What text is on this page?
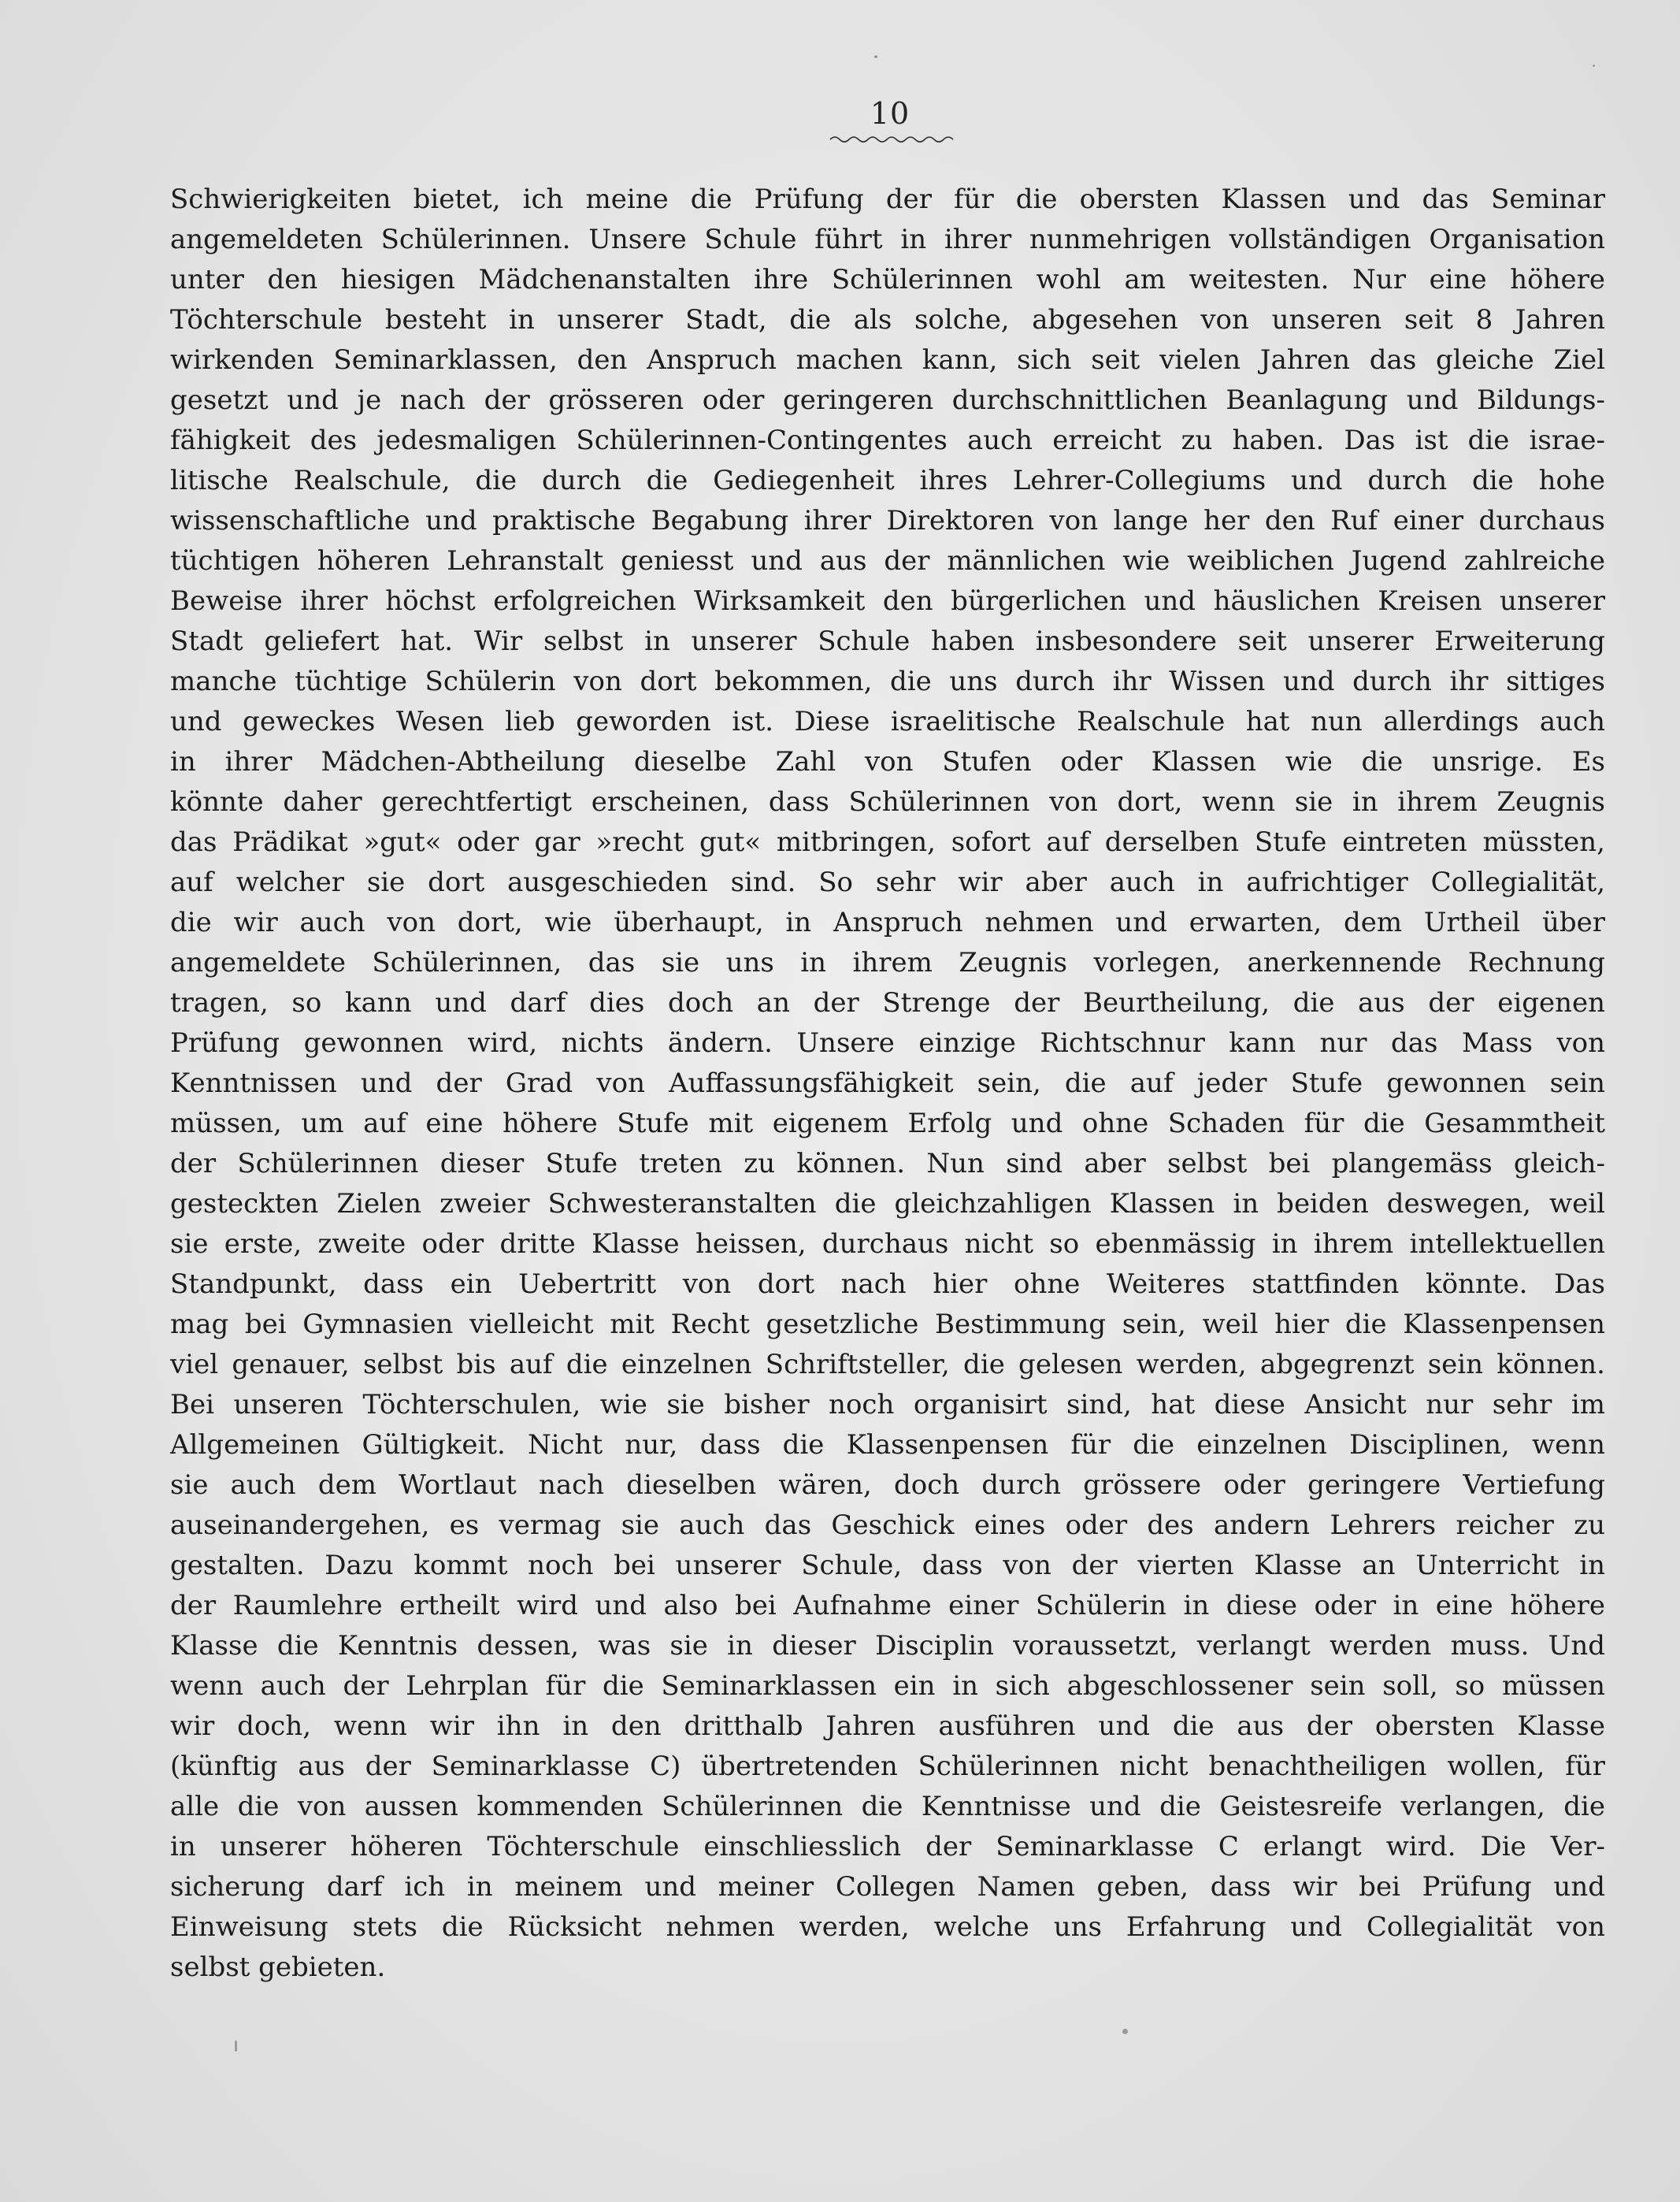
10
Schwierigkeiten bietet, ich meine die Prüfung der für die obersten Klassen und das Seminar
angemeldeten Schülerinnen. Unsere Schule führt in ihrer nunmehrigen vollständigen Organisation
unter den hiesigen Mädchenanstalten ihre Schülerinnen wohl am weitesten. Nur eine höhere
Töchterschule besteht in unserer Stadt, die als solche, abgesehen von unseren seit 8 Jahren
wirkenden Seminarklassen, den Anspruch machen kann, sich seit vielen Jahren das gleiche Ziel
gesetzt und je nach der grösseren oder geringeren durchschnittlichen Beanlagung und Bildungs-
fähigkeit des jedesmaligen Schülerinnen-Contingentes auch erreicht zu haben. Das ist die israe-
litische Realschule, die durch die Gediegenheit ihres Lehrer-Collegiums und durch die hohe
wissenschaftliche und praktische Begabung ihrer Direktoren von lange her den Ruf einer durchaus
tüchtigen höheren Lehranstalt geniesst und aus der männlichen wie weiblichen Jugend zahlreiche
Beweise ihrer höchst erfolgreichen Wirksamkeit den bürgerlichen und häuslichen Kreisen unserer
Stadt geliefert hat. Wir selbst in unserer Schule haben insbesondere seit unserer Erweiterung
manche tüchtige Schülerin von dort bekommen, die uns durch ihr Wissen und durch ihr sittiges
und geweckes Wesen lieb geworden ist. Diese israelitische Realschule hat nun allerdings auch
in ihrer Mädchen-Abtheilung dieselbe Zahl von Stufen oder Klassen wie die unsrige. Es
könnte daher gerechtfertigt erscheinen, dass Schülerinnen von dort, wenn sie in ihrem Zeugnis
das Prädikat »gut« oder gar »recht gut« mitbringen, sofort auf derselben Stufe eintreten müssten,
auf welcher sie dort ausgeschieden sind. So sehr wir aber auch in aufrichtiger Collegialität,
die wir auch von dort, wie überhaupt, in Anspruch nehmen und erwarten, dem Urtheil über
angemeldete Schülerinnen, das sie uns in ihrem Zeugnis vorlegen, anerkennende Rechnung
tragen, so kann und darf dies doch an der Strenge der Beurtheilung, die aus der eigenen
Prüfung gewonnen wird, nichts ändern. Unsere einzige Richtschnur kann nur das Mass von
Kenntnissen und der Grad von Auffassungsfähigkeit sein, die auf jeder Stufe gewonnen sein
müssen, um auf eine höhere Stufe mit eigenem Erfolg und ohne Schaden für die Gesammtheit
der Schülerinnen dieser Stufe treten zu können. Nun sind aber selbst bei plangemäss gleich-
gesteckten Zielen zweier Schwesteranstalten die gleichzahligen Klassen in beiden deswegen, weil
sie erste, zweite oder dritte Klasse heissen, durchaus nicht so ebenmässig in ihrem intellektuellen
Standpunkt, dass ein Uebertritt von dort nach hier ohne Weiteres stattfinden könnte. Das
mag bei Gymnasien vielleicht mit Recht gesetzliche Bestimmung sein, weil hier die Klassenpensen
viel genauer, selbst bis auf die einzelnen Schriftsteller, die gelesen werden, abgegrenzt sein können.
Bei unseren Töchterschulen, wie sie bisher noch organisirt sind, hat diese Ansicht nur sehr im
Allgemeinen Gültigkeit. Nicht nur, dass die Klassenpensen für die einzelnen Disciplinen, wenn
sie auch dem Wortlaut nach dieselben wären, doch durch grössere oder geringere Vertiefung
auseinandergehen, es vermag sie auch das Geschick eines oder des andern Lehrers reicher zu
gestalten. Dazu kommt noch bei unserer Schule, dass von der vierten Klasse an Unterricht in
der Raumlehre ertheilt wird und also bei Aufnahme einer Schülerin in diese oder in eine höhere
Klasse die Kenntnis dessen, was sie in dieser Disciplin voraussetzt, verlangt werden muss. Und
wenn auch der Lehrplan für die Seminarklassen ein in sich abgeschlossener sein soll, so müssen
wir doch, wenn wir ihn in den dritthalb Jahren ausführen und die aus der obersten Klasse
(künftig aus der Seminarklasse C) übertretenden Schülerinnen nicht benachtheiligen wollen, für
alle die von aussen kommenden Schülerinnen die Kenntnisse und die Geistesreife verlangen, die
in unserer höheren Töchterschule einschliesslich der Seminarklasse C erlangt wird. Die Ver-
sicherung darf ich in meinem und meiner Collegen Namen geben, dass wir bei Prüfung und
Einweisung stets die Rücksicht nehmen werden, welche uns Erfahrung und Collegialität von
selbst gebieten.
